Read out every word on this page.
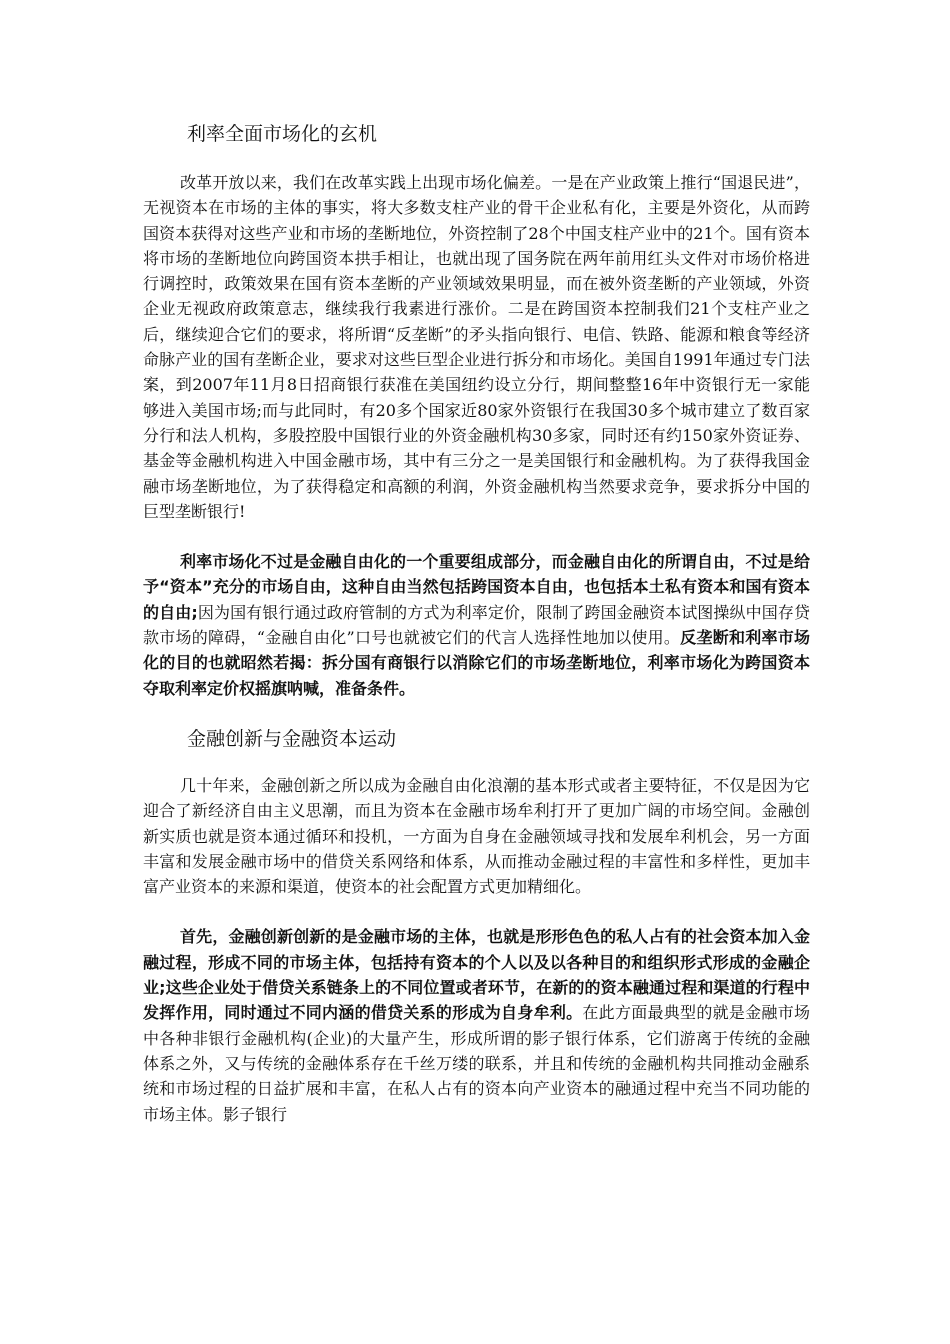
利率全面市场化的玄机

改革开放以来，我们在改革实践上出现市场化偏差。一是在产业政策上推行“国退民进”，无视资本在市场的主体的事实，将大多数支柱产业的骨干企业私有化，主要是外资化，从而跨国资本获得对这些产业和市场的垄断地位，外资控制了28个中国支柱产业中的21个。国有资本将市场的垄断地位向跨国资本拱手相让，也就出现了国务院在两年前用红头文件对市场价格进行调控时，政策效果在国有资本垄断的产业领域效果明显，而在被外资垄断的产业领域，外资企业无视政府政策意志，继续我行我素进行涨价。二是在跨国资本控制我们21个支柱产业之后，继续迎合它们的要求，将所谓“反垄断”的矛头指向银行、电信、铁路、能源和粮食等经济命脉产业的国有垄断企业，要求对这些巨型企业进行拆分和市场化。美国自1991年通过专门法案，到2007年11月8日招商银行获准在美国纽约设立分行，期间整整16年中资银行无一家能够进入美国市场;而与此同时，有20多个国家近80家外资银行在我国30多个城市建立了数百家分行和法人机构，多股控股中国银行业的外资金融机构30多家，同时还有约150家外资证券、基金等金融机构进入中国金融市场，其中有三分之一是美国银行和金融机构。为了获得我国金融市场垄断地位，为了获得稳定和高额的利润，外资金融机构当然要求竞争，要求拆分中国的巨型垄断银行!

利率市场化不过是金融自由化的一个重要组成部分，而金融自由化的所谓自由，不过是给予“资本”充分的市场自由，这种自由当然包括跨国资本自由，也包括本土私有资本和国有资本的自由;因为国有银行通过政府管制的方式为利率定价，限制了跨国金融资本试图操纵中国存贷款市场的障碍，“金融自由化”口号也就被它们的代言人选择性地加以使用。反垄断和利率市场化的目的也就昭然若揭：拆分国有商银行以消除它们的市场垄断地位，利率市场化为跨国资本夺取利率定价权摇旗呐喊，准备条件。

金融创新与金融资本运动

几十年来，金融创新之所以成为金融自由化浪潮的基本形式或者主要特征，不仅是因为它迎合了新经济自由主义思潮，而且为资本在金融市场牟利打开了更加广阔的市场空间。金融创新实质也就是资本通过循环和投机，一方面为自身在金融领域寻找和发展牟利机会，另一方面丰富和发展金融市场中的借贷关系网络和体系，从而推动金融过程的丰富性和多样性，更加丰富产业资本的来源和渠道，使资本的社会配置方式更加精细化。

首先，金融创新创新的是金融市场的主体，也就是形形色色的私人占有的社会资本加入金融过程，形成不同的市场主体，包括持有资本的个人以及以各种目的和组织形式形成的金融企业;这些企业处于借贷关系链条上的不同位置或者环节，在新的的资本融通过程和渠道的行程中发挥作用，同时通过不同内涵的借贷关系的形成为自身牟利。在此方面最典型的就是金融市场中各种非银行金融机构(企业)的大量产生，形成所谓的影子银行体系，它们游离于传统的金融体系之外，又与传统的金融体系存在千丝万缕的联系，并且和传统的金融机构共同推动金融系统和市场过程的日益扩展和丰富，在私人占有的资本向产业资本的融通过程中充当不同功能的市场主体。影子银行
